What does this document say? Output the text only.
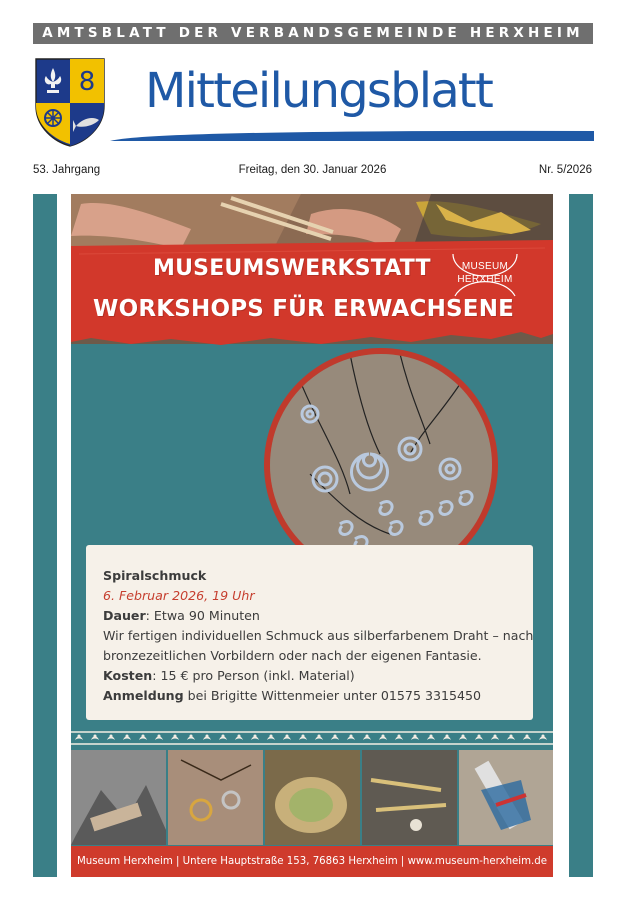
AMTSBLATT DER VERBANDSGEMEINDE HERXHEIM
8 Mitteilungsblatt
53. Jahrgang	Freitag, den 30. Januar 2026	Nr. 5/2026
MUSEUMSWERKSTATT
WORKSHOPS FÜR ERWACHSENE
MUSEUM
HERXHEIM
Spiralschmuck
6. Februar 2026, 19 Uhr
Dauer: Etwa 90 Minuten
Wir fertigen individuellen Schmuck aus silberfarbenem Draht – nach
bronzezeitlichen Vorbildern oder nach der eigenen Fantasie.
Kosten: 15 € pro Person (inkl. Material)
Anmeldung bei Brigitte Wittenmeier unter 01575 3315450
Museum Herxheim | Untere Hauptstraße 153, 76863 Herxheim | www.museum-herxheim.de
